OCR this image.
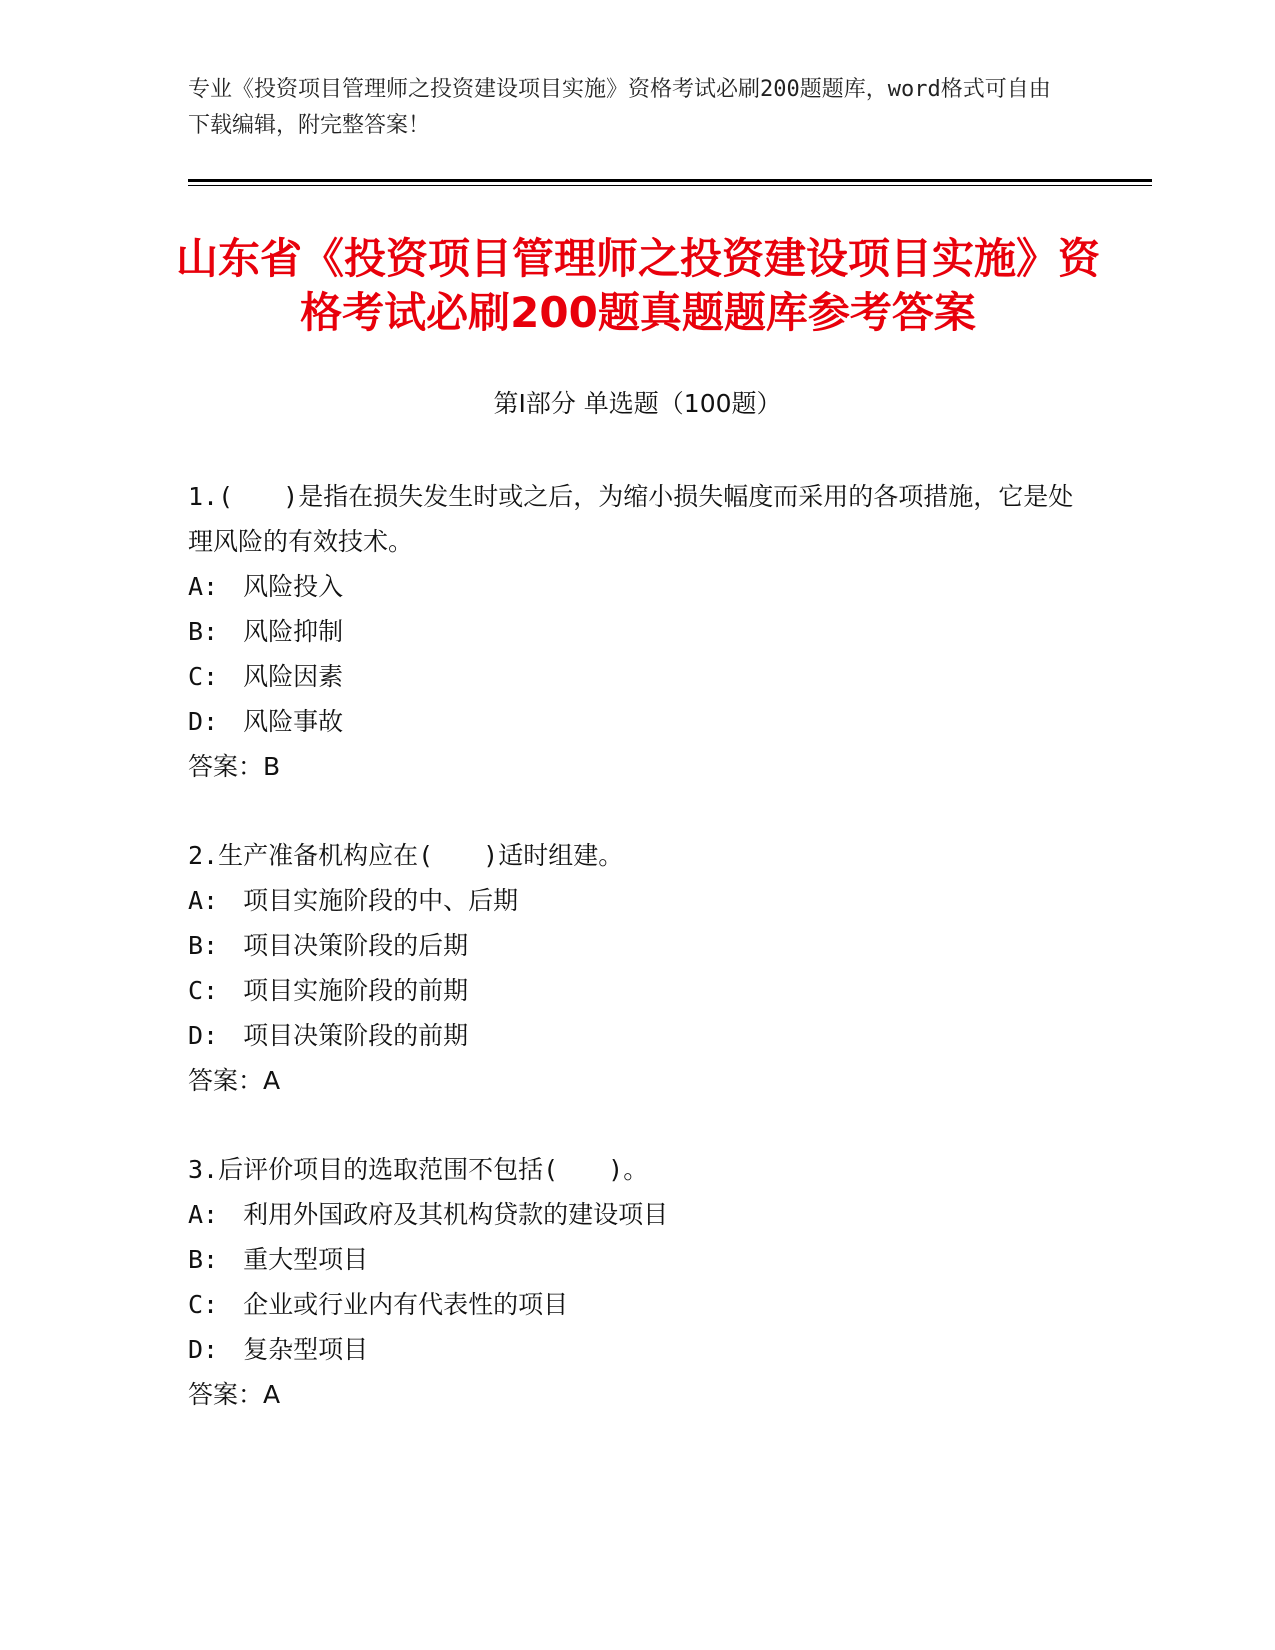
专业《投资项目管理师之投资建设项目实施》资格考试必刷200题题库，word格式可自由下载编辑，附完整答案！
山东省《投资项目管理师之投资建设项目实施》资格考试必刷200题真题题库参考答案
第Ⅰ部分 单选题（100题）
1.(　　)是指在损失发生时或之后，为缩小损失幅度而采用的各项措施，它是处理风险的有效技术。
A:　风险投入
B:　风险抑制
C:　风险因素
D:　风险事故
答案：B
2.生产准备机构应在(　　)适时组建。
A:　项目实施阶段的中、后期
B:　项目决策阶段的后期
C:　项目实施阶段的前期
D:　项目决策阶段的前期
答案：A
3.后评价项目的选取范围不包括(　　)。
A:　利用外国政府及其机构贷款的建设项目
B:　重大型项目
C:　企业或行业内有代表性的项目
D:　复杂型项目
答案：A
